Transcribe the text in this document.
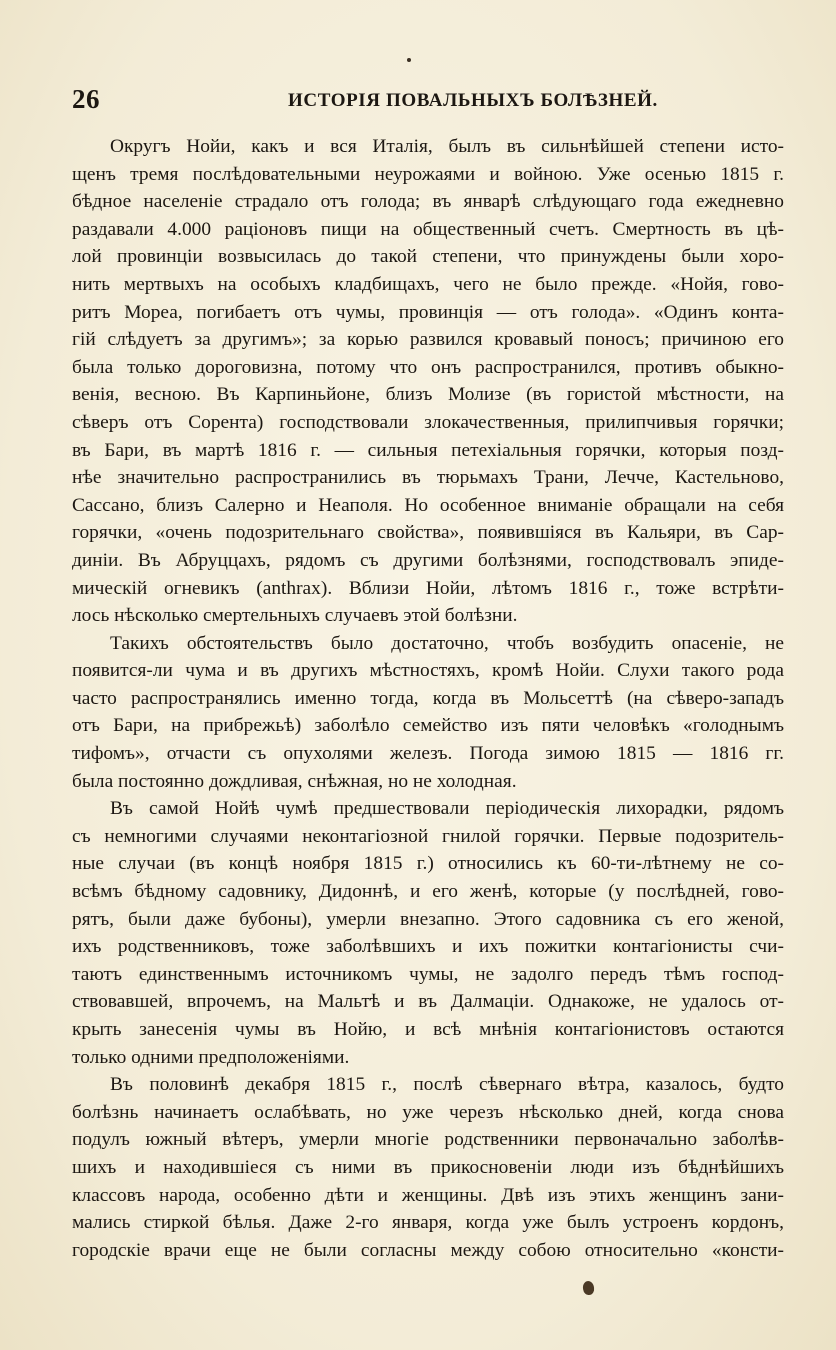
26	ИСТОРІЯ ПОВАЛЬНЫХЪ БОЛѢЗНЕЙ.
Округъ Нойи, какъ и вся Италія, былъ въ сильнѣйшей степени исто-
щенъ тремя послѣдовательными неурожаями и войною. Уже осенью 1815 г.
бѣдное населеніе страдало отъ голода; въ январѣ слѣдующаго года ежедневно
раздавали 4.000 раціоновъ пищи на общественный счетъ. Смертность въ цѣ-
лой провинціи возвысилась до такой степени, что принуждены были хоро-
нить мертвыхъ на особыхъ кладбищахъ, чего не было прежде. «Нойя, гово-
ритъ Мореа, погибаетъ отъ чумы, провинція — отъ голода». «Одинъ конта-
гій слѣдуетъ за другимъ»; за корью развился кровавый поносъ; причиною его
была только дороговизна, потому что онъ распространился, противъ обыкно-
венія, весною. Въ Карпиньйоне, близъ Молизе (въ гористой мѣстности, на
сѣверъ отъ Сорента) господствовали злокачественныя, прилипчивыя горячки;
въ Бари, въ мартѣ 1816 г. — сильныя петехіальныя горячки, которыя позд-
нѣе значительно распространились въ тюрьмахъ Трани, Лечче, Кастельново,
Сассано, близъ Салерно и Неаполя. Но особенное вниманіе обращали на себя
горячки, «очень подозрительнаго свойства», появившіяся въ Кальяри, въ Сар-
диніи. Въ Абруццахъ, рядомъ съ другими болѣзнями, господствовалъ эпиде-
мическій огневикъ (anthrax). Вблизи Нойи, лѣтомъ 1816 г., тоже встрѣти-
лось нѣсколько смертельныхъ случаевъ этой болѣзни.
Такихъ обстоятельствъ было достаточно, чтобъ возбудить опасеніе, не
появится-ли чума и въ другихъ мѣстностяхъ, кромѣ Нойи. Слухи такого рода
часто распространялись именно тогда, когда въ Мольсеттѣ (на сѣверо-западъ
отъ Бари, на прибрежьѣ) заболѣло семейство изъ пяти человѣкъ «голоднымъ
тифомъ», отчасти съ опухолями железъ. Погода зимою 1815 — 1816 гг.
была постоянно дождливая, снѣжная, но не холодная.
Въ самой Нойѣ чумѣ предшествовали періодическія лихорадки, рядомъ
съ немногими случаями неконтагіозной гнилой горячки. Первые подозритель-
ные случаи (въ концѣ ноября 1815 г.) относились къ 60-ти-лѣтнему не со-
всѣмъ бѣдному садовнику, Дидоннѣ, и его женѣ, которые (у послѣдней, гово-
рятъ, были даже бубоны), умерли внезапно. Этого садовника съ его женой,
ихъ родственниковъ, тоже заболѣвшихъ и ихъ пожитки контагіонисты счи-
таютъ единственнымъ источникомъ чумы, не задолго передъ тѣмъ господ-
ствовавшей, впрочемъ, на Мальтѣ и въ Далмаціи. Однакоже, не удалось от-
крыть занесенія чумы въ Нойю, и всѣ мнѣнія контагіонистовъ остаются
только одними предположеніями.
Въ половинѣ декабря 1815 г., послѣ сѣвернаго вѣтра, казалось, будто
болѣзнь начинаетъ ослабѣвать, но уже черезъ нѣсколько дней, когда снова
подулъ южный вѣтеръ, умерли многіе родственники первоначально заболѣв-
шихъ и находившіеся съ ними въ прикосновеніи люди изъ бѣднѣйшихъ
классовъ народа, особенно дѣти и женщины. Двѣ изъ этихъ женщинъ зани-
мались стиркой бѣлья. Даже 2-го января, когда уже былъ устроенъ кордонъ,
городскіе врачи еще не были согласны между собою относительно «консти-
